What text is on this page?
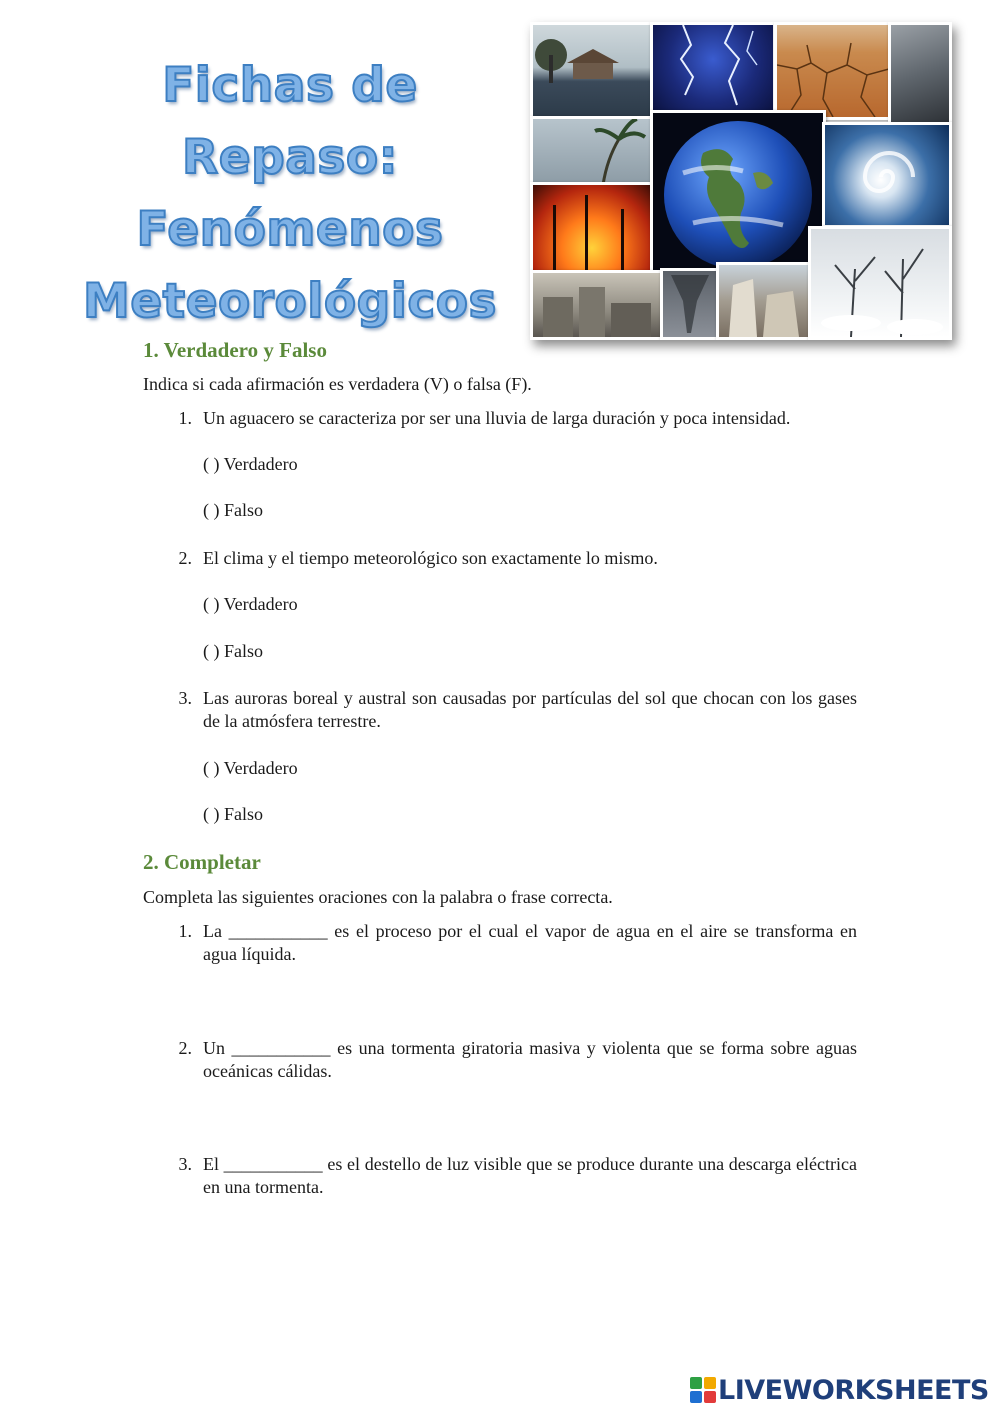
Fichas de
Repaso:
Fenómenos
Meteorológicos
1. Verdadero y Falso

Indica si cada afirmación es verdadera (V) o falsa (F).

1. Un aguacero se caracteriza por ser una lluvia de larga duración y poca intensidad.
( ) Verdadero
( ) Falso
2. El clima y el tiempo meteorológico son exactamente lo mismo.
( ) Verdadero
( ) Falso
3. Las auroras boreal y austral son causadas por partículas del sol que chocan con los gases de la atmósfera terrestre.
( ) Verdadero
( ) Falso
2. Completar

Completa las siguientes oraciones con la palabra o frase correcta.

1. La ___________ es el proceso por el cual el vapor de agua en el aire se transforma en agua líquida.
2. Un ___________ es una tormenta giratoria masiva y violenta que se forma sobre aguas oceánicas cálidas.
3. El ___________ es el destello de luz visible que se produce durante una descarga eléctrica en una tormenta.
LIVEWORKSHEETS
